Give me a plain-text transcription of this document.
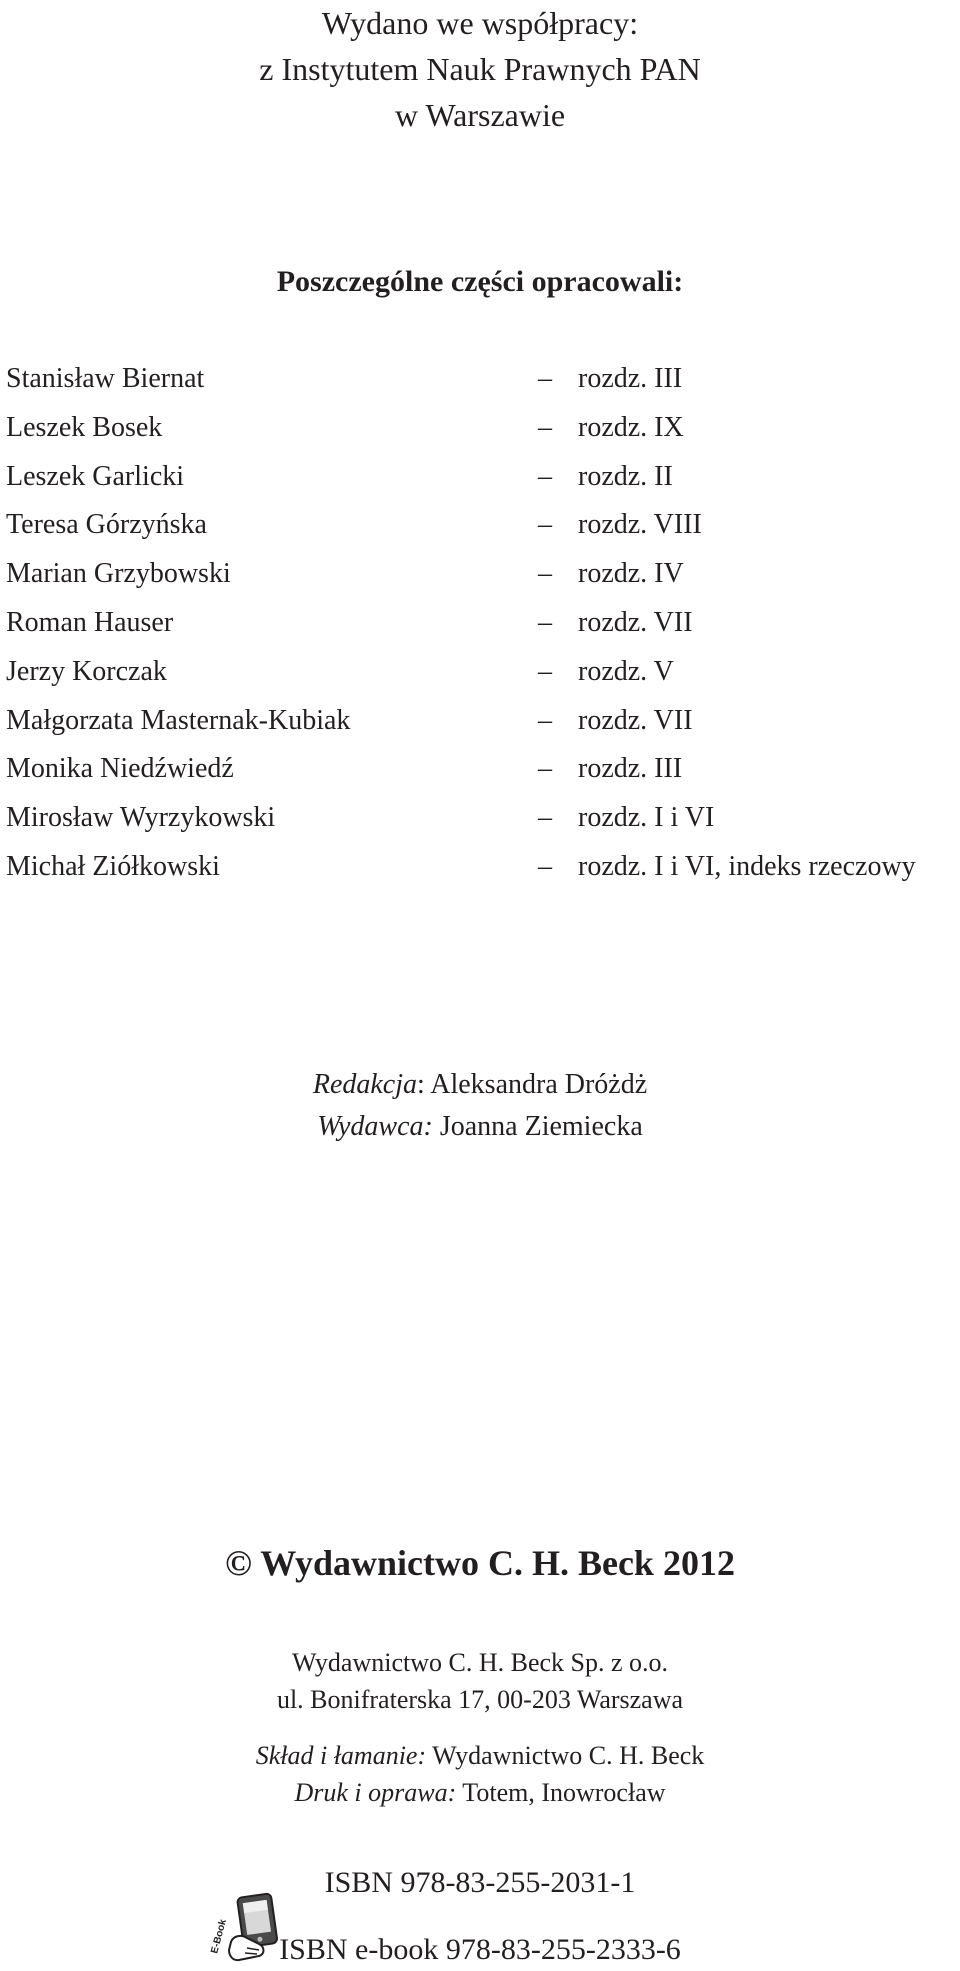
Wydano we współpracy:
z Instytutem Nauk Prawnych PAN
w Warszawie
Poszczególne części opracowali:
Stanisław Biernat	– rozdz. III
Leszek Bosek	– rozdz. IX
Leszek Garlicki	– rozdz. II
Teresa Górzyńska	– rozdz. VIII
Marian Grzybowski	– rozdz. IV
Roman Hauser	– rozdz. VII
Jerzy Korczak	– rozdz. V
Małgorzata Masternak-Kubiak	– rozdz. VII
Monika Niedźwiedź	– rozdz. III
Mirosław Wyrzykowski	– rozdz. I i VI
Michał Ziółkowski	– rozdz. I i VI, indeks rzeczowy
Redakcja: Aleksandra Dróżdż
Wydawca: Joanna Ziemiecka
© Wydawnictwo C. H. Beck 2012
Wydawnictwo C. H. Beck Sp. z o.o.
ul. Bonifraterska 17, 00-203 Warszawa
Skład i łamanie: Wydawnictwo C. H. Beck
Druk i oprawa: Totem, Inowrocław
ISBN 978-83-255-2031-1
E-Book	ISBN e-book 978-83-255-2333-6
